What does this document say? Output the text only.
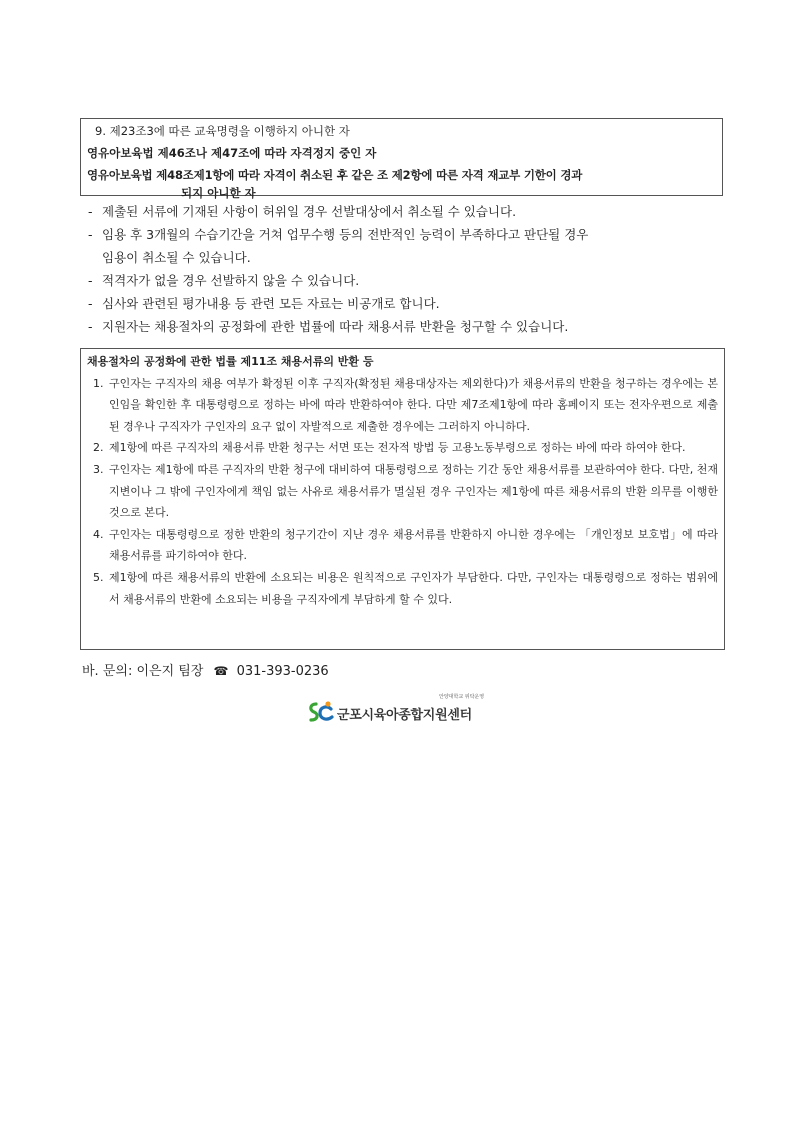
9. 제23조3에 따른 교육명령을 이행하지 아니한 자
영유아보육법 제46조나 제47조에 따라 자격정지 중인 자
영유아보육법 제48조제1항에 따라 자격이 취소된 후 같은 조 제2항에 따른 자격 재교부 기한이 경과
되지 아니한 자
- 제출된 서류에 기재된 사항이 허위일 경우 선발대상에서 취소될 수 있습니다.
- 임용 후 3개월의 수습기간을 거쳐 업무수행 등의 전반적인 능력이 부족하다고 판단될 경우
임용이 취소될 수 있습니다.
- 적격자가 없을 경우 선발하지 않을 수 있습니다.
- 심사와 관련된 평가내용 등 관련 모든 자료는 비공개로 합니다.
- 지원자는 채용절차의 공정화에 관한 법률에 따라 채용서류 반환을 청구할 수 있습니다.
채용절차의 공정화에 관한 법률 제11조 채용서류의 반환 등
1. 구인자는 구직자의 채용 여부가 확정된 이후 구직자(확정된 채용대상자는 제외한다)가 채용서류의 반환을 청구하는 경우에는 본인임을 확인한 후 대통령령으로 정하는 바에 따라 반환하여야 한다. 다만 제7조제1항에 따라 홈페이지 또는 전자우편으로 제출된 경우나 구직자가 구인자의 요구 없이 자발적으로 제출한 경우에는 그러하지 아니하다.
2. 제1항에 따른 구직자의 채용서류 반환 청구는 서면 또는 전자적 방법 등 고용노동부령으로 정하는 바에 따라 하여야 한다.
3. 구인자는 제1항에 따른 구직자의 반환 청구에 대비하여 대통령령으로 정하는 기간 동안 채용서류를 보관하여야 한다. 다만, 천재지변이나 그 밖에 구인자에게 책임 없는 사유로 채용서류가 멸실된 경우 구인자는 제1항에 따른 채용서류의 반환 의무를 이행한 것으로 본다.
4. 구인자는 대통령령으로 정한 반환의 청구기간이 지난 경우 채용서류를 반환하지 아니한 경우에는 「개인정보 보호법」에 따라 채용서류를 파기하여야 한다.
5. 제1항에 따른 채용서류의 반환에 소요되는 비용은 원칙적으로 구인자가 부담한다. 다만, 구인자는 대통령령으로 정하는 범위에서 채용서류의 반환에 소요되는 비용을 구직자에게 부담하게 할 수 있다.
바. 문의: 이은지 팀장 ☎ 031-393-0236
안양대학교 위탁운영
군포시육아종합지원센터
